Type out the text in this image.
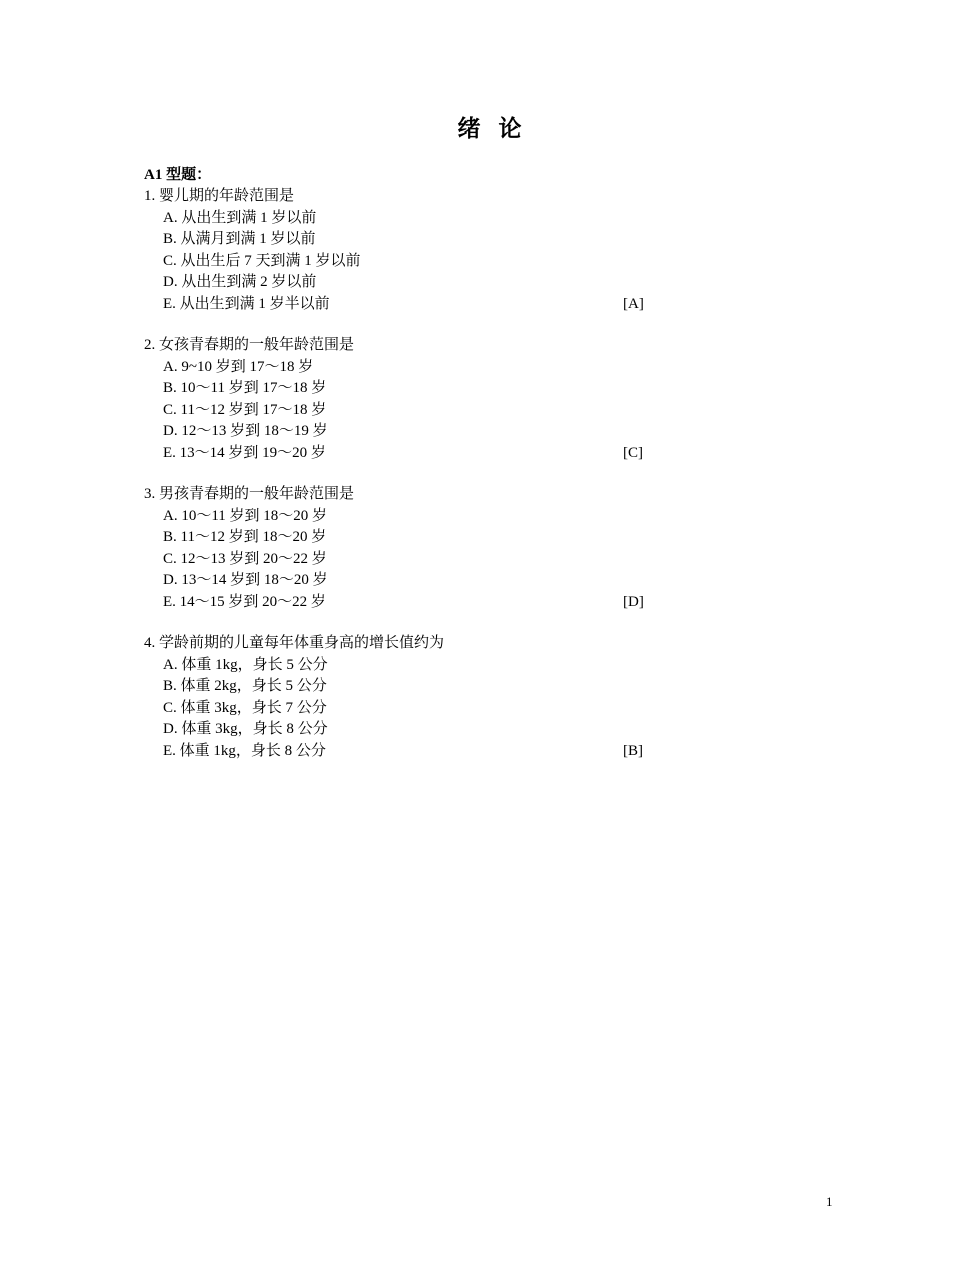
绪论
A1 型题：
1. 婴儿期的年龄范围是
A. 从出生到满 1 岁以前
B. 从满月到满 1 岁以前
C. 从出生后 7 天到满 1 岁以前
D. 从出生到满 2 岁以前
E. 从出生到满 1 岁半以前	[A]
2. 女孩青春期的一般年龄范围是
A. 9~10 岁到 17～18 岁
B. 10～11 岁到 17～18 岁
C. 11～12 岁到 17～18 岁
D. 12～13 岁到 18～19 岁
E. 13～14 岁到 19～20 岁	[C]
3. 男孩青春期的一般年龄范围是
A. 10～11 岁到 18～20 岁
B. 11～12 岁到 18～20 岁
C. 12～13 岁到 20～22 岁
D. 13～14 岁到 18～20 岁
E. 14～15 岁到 20～22 岁	[D]
4. 学龄前期的儿童每年体重身高的增长值约为
A. 体重 1kg，身长 5 公分
B. 体重 2kg，身长 5 公分
C. 体重 3kg，身长 7 公分
D. 体重 3kg，身长 8 公分
E. 体重 1kg，身长 8 公分	[B]
1
